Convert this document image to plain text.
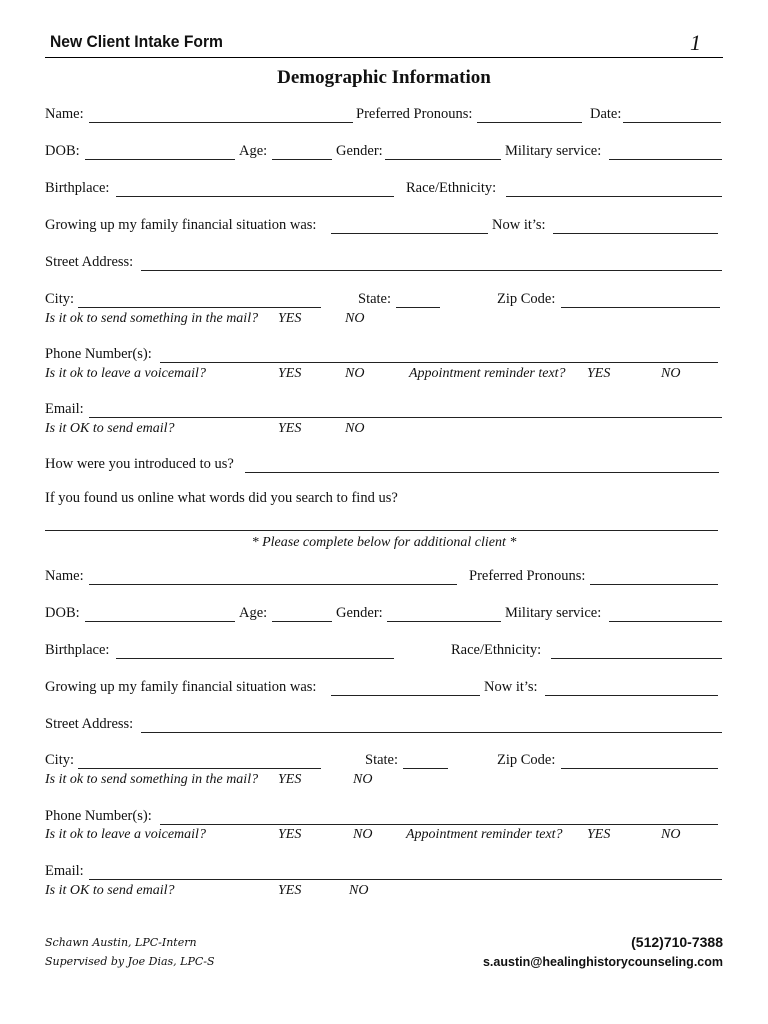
New Client Intake Form	1
Demographic Information
Name:	Preferred Pronouns:	Date:
DOB:	Age:	Gender:	Military service:
Birthplace:	Race/Ethnicity:
Growing up my family financial situation was:	Now it’s:
Street Address:
City:	State:	Zip Code:
Is it ok to send something in the mail? YES	NO
Phone Number(s):
Is it ok to leave a voicemail?	YES	NO	Appointment reminder text? YES	NO
Email:
Is it OK to send email?	YES	NO
How were you introduced to us?
If you found us online what words did you search to find us?
* Please complete below for additional client *
Name:	Preferred Pronouns:
DOB:	Age:	Gender:	Military service:
Birthplace:	Race/Ethnicity:
Growing up my family financial situation was:	Now it’s:
Street Address:
City:	State:	Zip Code:
Is it ok to send something in the mail? YES	NO
Phone Number(s):
Is it ok to leave a voicemail?	YES	NO Appointment reminder text? YES	NO
Email:
Is it OK to send email?	YES	NO
Schawn Austin, LPC-Intern
Supervised by Joe Dias, LPC-S
(512)710-7388
s.austin@healinghistorycounseling.com
